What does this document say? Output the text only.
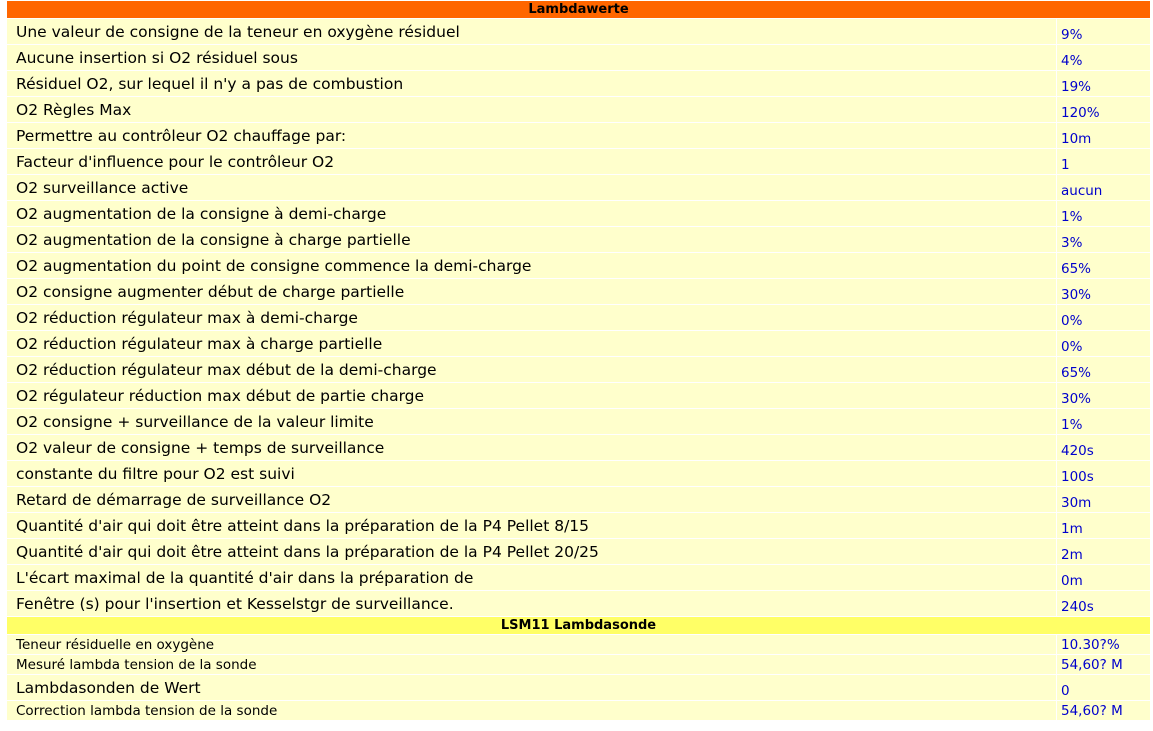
Lambdawerte	
Une valeur de consigne de la teneur en oxygène résiduel	9%
Aucune insertion si O2 résiduel sous	4%
Résiduel O2, sur lequel il n'y a pas de combustion	19%
O2 Règles Max	120%
Permettre au contrôleur O2 chauffage par:	10m
Facteur d'influence pour le contrôleur O2	1
O2 surveillance active	aucun
O2 augmentation de la consigne à demi-charge	1%
O2 augmentation de la consigne à charge partielle	3%
O2 augmentation du point de consigne commence la demi-charge	65%
O2 consigne augmenter début de charge partielle	30%
O2 réduction régulateur max à demi-charge	0%
O2 réduction régulateur max à charge partielle	0%
O2 réduction régulateur max début de la demi-charge	65%
O2 régulateur réduction max début de partie charge	30%
O2 consigne + surveillance de la valeur limite	1%
O2 valeur de consigne + temps de surveillance	420s
constante du filtre pour O2 est suivi	100s
Retard de démarrage de surveillance O2	30m
Quantité d'air qui doit être atteint dans la préparation de la P4 Pellet 8/15	1m
Quantité d'air qui doit être atteint dans la préparation de la P4 Pellet 20/25	2m
L'écart maximal de la quantité d'air dans la préparation de	0m
Fenêtre (s) pour l'insertion et Kesselstgr de surveillance.	240s
LSM11 Lambdasonde	
Teneur résiduelle en oxygène	10.30?%
Mesuré lambda tension de la sonde	54,60? M
Lambdasonden de Wert	0
Correction lambda tension de la sonde	54,60? M
